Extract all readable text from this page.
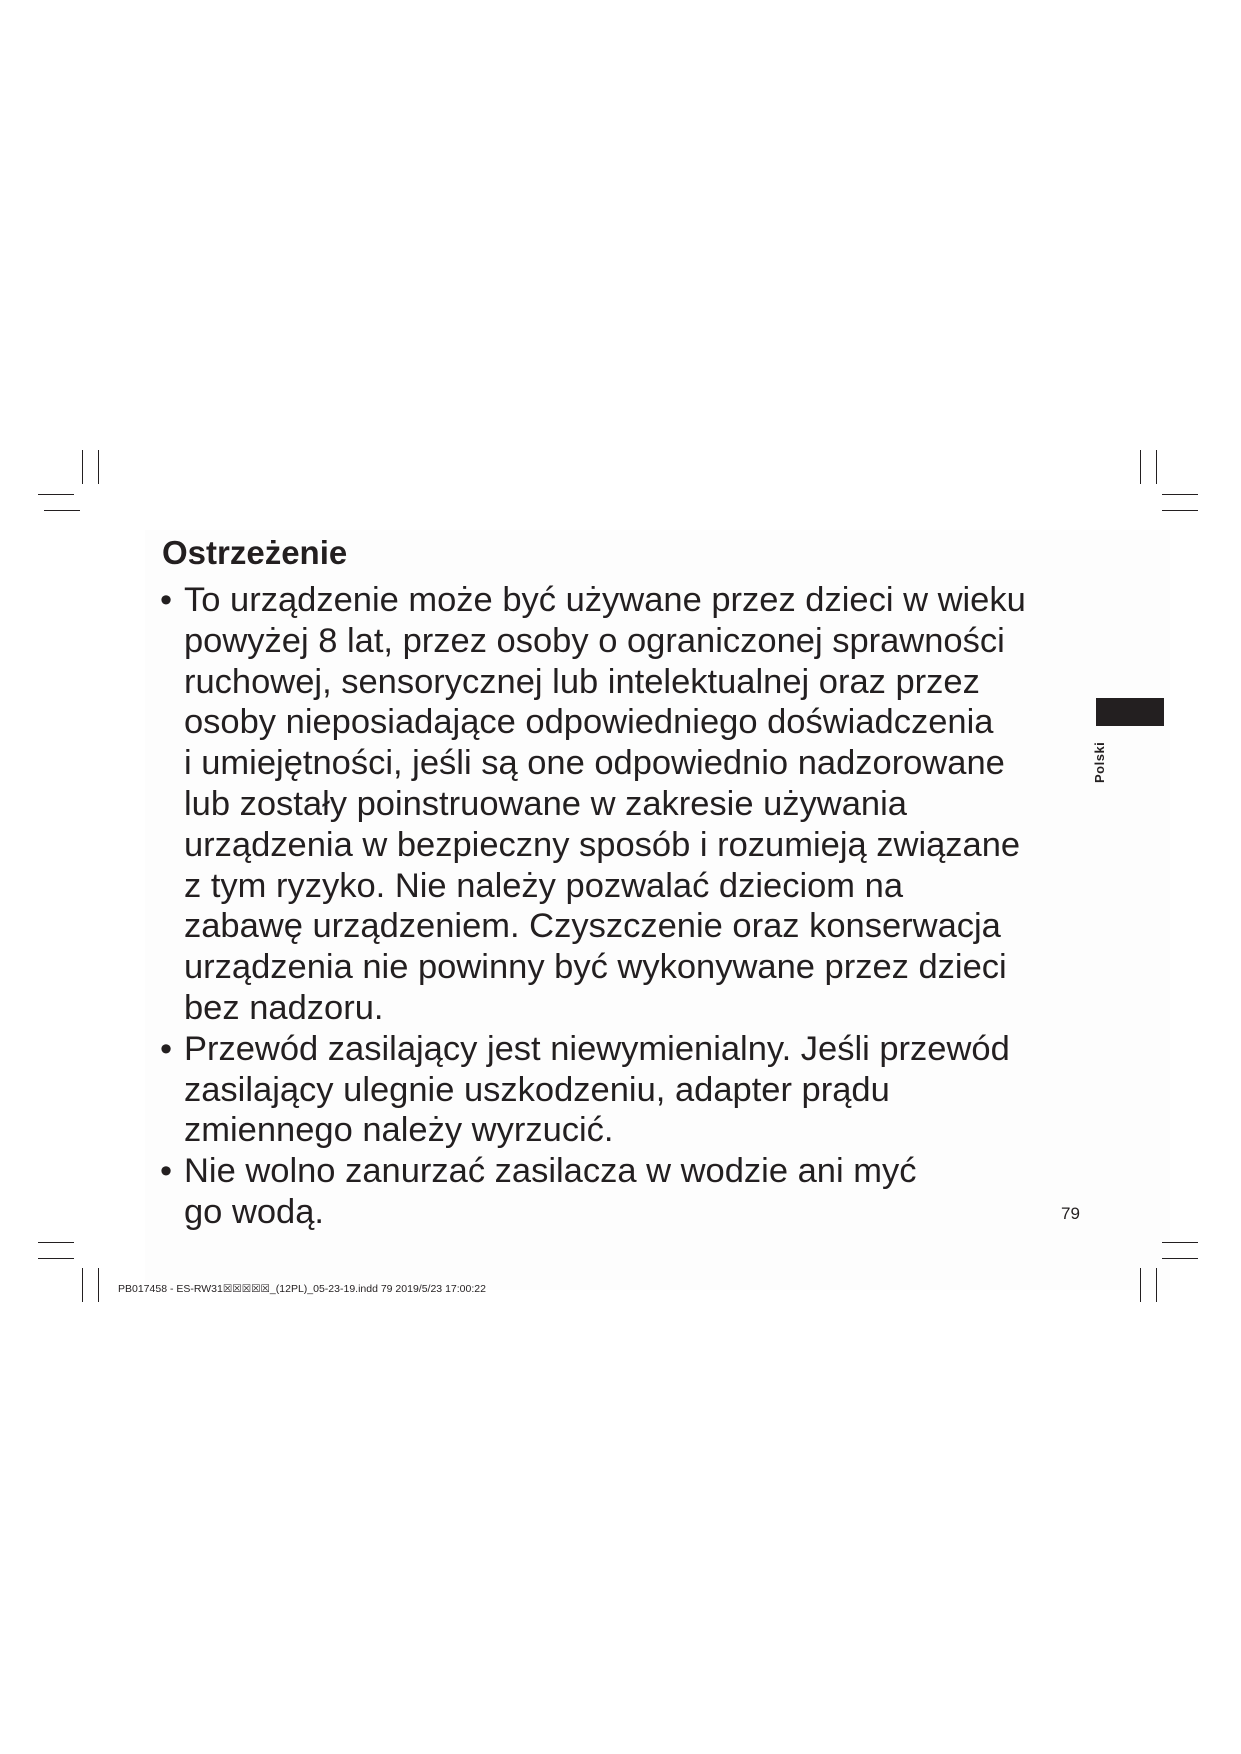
Ostrzeżenie
• To urządzenie może być używane przez dzieci w wieku
powyżej 8 lat, przez osoby o ograniczonej sprawności
ruchowej, sensorycznej lub intelektualnej oraz przez
osoby nieposiadające odpowiedniego doświadczenia
i umiejętności, jeśli są one odpowiednio nadzorowane
lub zostały poinstruowane w zakresie używania
urządzenia w bezpieczny sposób i rozumieją związane
z tym ryzyko. Nie należy pozwalać dzieciom na
zabawę urządzeniem. Czyszczenie oraz konserwacja
urządzenia nie powinny być wykonywane przez dzieci
bez nadzoru.
• Przewód zasilający jest niewymienialny. Jeśli przewód
zasilający ulegnie uszkodzeniu, adapter prądu
zmiennego należy wyrzucić.
• Nie wolno zanurzać zasilacza w wodzie ani myć
go wodą.
Polski
79
PB017458 - ES-RW31☒☒☒☒☒_(12PL)_05-23-19.indd 79 2019/5/23 17:00:22
